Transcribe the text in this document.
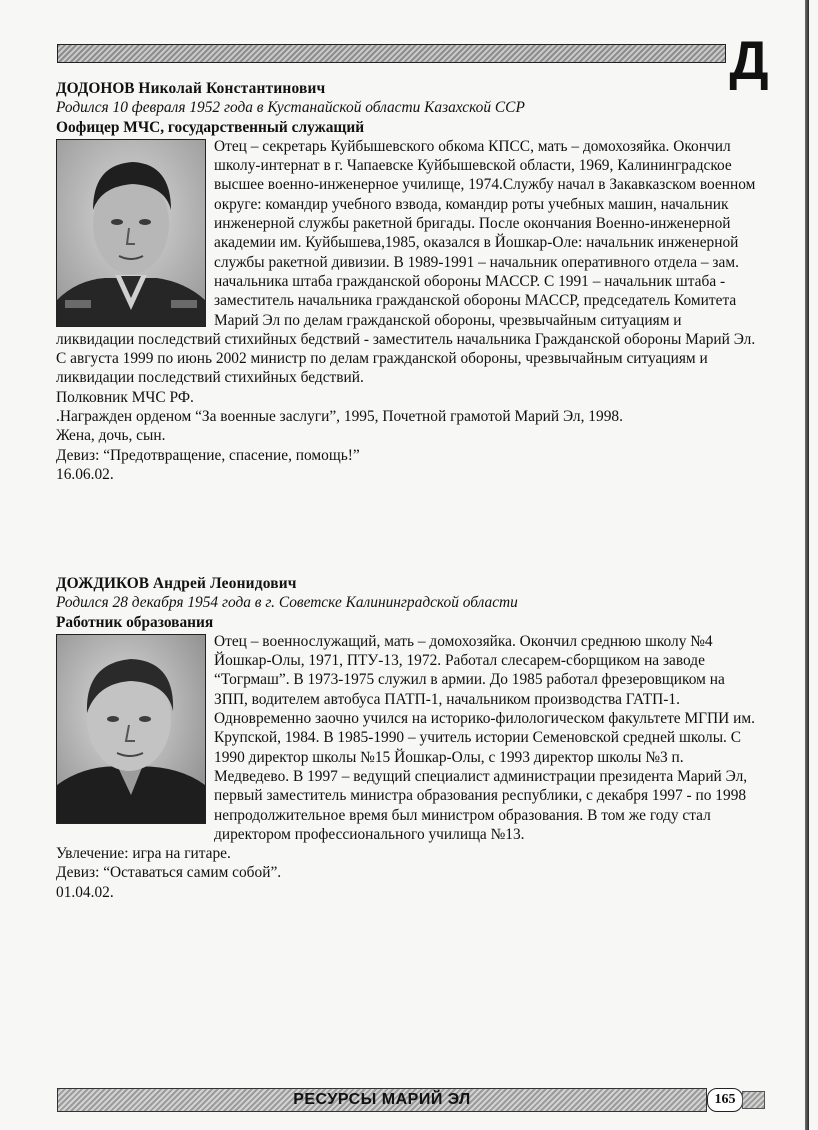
Д

ДОДОНОВ Николай Константинович

Родился 10 февраля 1952 года в Кустанайской области Казахской ССР

Оофицер МЧС, государственный служащий

Отец – секретарь Куйбышевского обкома КПСС, мать – домохозяйка. Окончил школу-интернат в г. Чапаевске Куйбышевской области, 1969, Калининградское высшее военно-инженерное училище, 1974.Службу начал в Закавказском военном округе: командир учебного взвода, командир роты учебных машин, начальник инженерной службы ракетной бригады. После окончания Военно-инженерной академии им. Куйбышева,1985, оказался в Йошкар-Оле: начальник инженерной службы ракетной дивизии. В 1989-1991 – начальник оперативного отдела – зам. начальника штаба гражданской обороны МАССР. С 1991 – начальник штаба - заместитель начальника гражданской обороны МАССР, председатель Комитета Марий Эл по делам гражданской обороны, чрезвычайным ситуациям и ликвидации последствий стихийных бедствий - заместитель начальника Гражданской обороны Марий Эл. С августа 1999 по июнь 2002 министр по делам гражданской обороны, чрезвычайным ситуациям и ликвидации последствий стихийных бедствий.

Полковник МЧС РФ.

.Награжден орденом “За военные заслуги”, 1995, Почетной грамотой Марий Эл, 1998.

Жена, дочь, сын.

Девиз: “Предотвращение, спасение, помощь!”

16.06.02.

ДОЖДИКОВ Андрей Леонидович

Родился 28 декабря 1954 года в г. Советске Калининградской области

Работник образования

Отец – военнослужащий, мать – домохозяйка. Окончил среднюю школу №4 Йошкар-Олы, 1971, ПТУ-13, 1972. Работал слесарем-сборщиком на заводе “Тогрмаш”. В 1973-1975 служил в армии. До 1985 работал фрезеровщиком на ЗПП, водителем автобуса ПАТП-1, начальником производства ГАТП-1. Одновременно заочно учился на историко-филологическом факультете МГПИ им. Крупской, 1984. В 1985-1990 – учитель истории Семеновской средней школы. С 1990 директор школы №15 Йошкар-Олы, с 1993 директор школы №3 п. Медведево. В 1997 – ведущий специалист администрации президента Марий Эл, первый заместитель министра образования республики, с декабря 1997 - по 1998 непродолжительное время был министром образования. В том же году стал директором профессионального училища №13.

Увлечение: игра на гитаре.

Девиз: “Оставаться самим собой”.

01.04.02.

РЕСУРСЫ МАРИЙ ЭЛ	165
